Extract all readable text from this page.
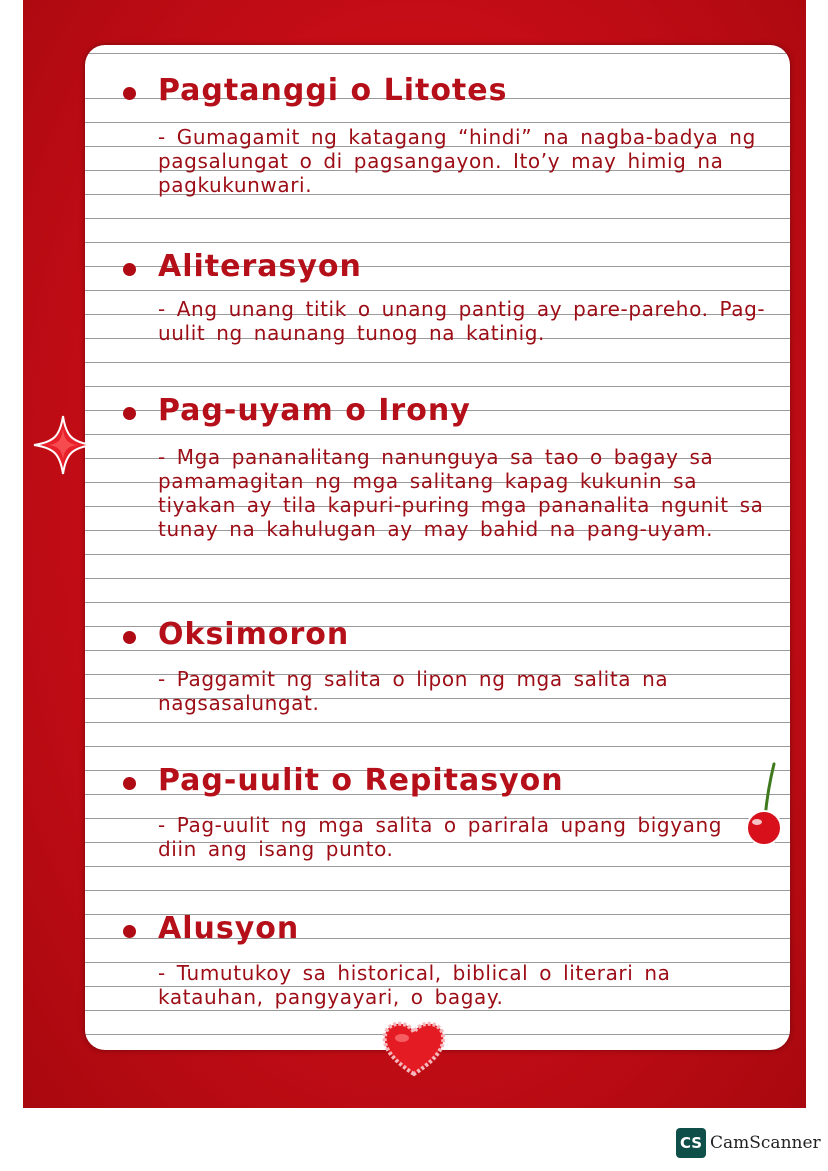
Pagtanggi o Litotes

- Gumagamit ng katagang “hindi” na nagba-badya ng pagsalungat o di pagsangayon. Ito’y may himig na pagkukunwari.

Aliterasyon

- Ang unang titik o unang pantig ay pare-pareho. Pag-uulit ng naunang tunog na katinig.

Pag-uyam o Irony

- Mga pananalitang nanunguya sa tao o bagay sa pamamagitan ng mga salitang kapag kukunin sa tiyakan ay tila kapuri-puring mga pananalita ngunit sa tunay na kahulugan ay may bahid na pang-uyam.

Oksimoron

- Paggamit ng salita o lipon ng mga salita na nagsasalungat.

Pag-uulit o Repitasyon

- Pag-uulit ng mga salita o parirala upang bigyang diin ang isang punto.

Alusyon

- Tumutukoy sa historical, biblical o literari na katauhan, pangyayari, o bagay.

CS CamScanner
